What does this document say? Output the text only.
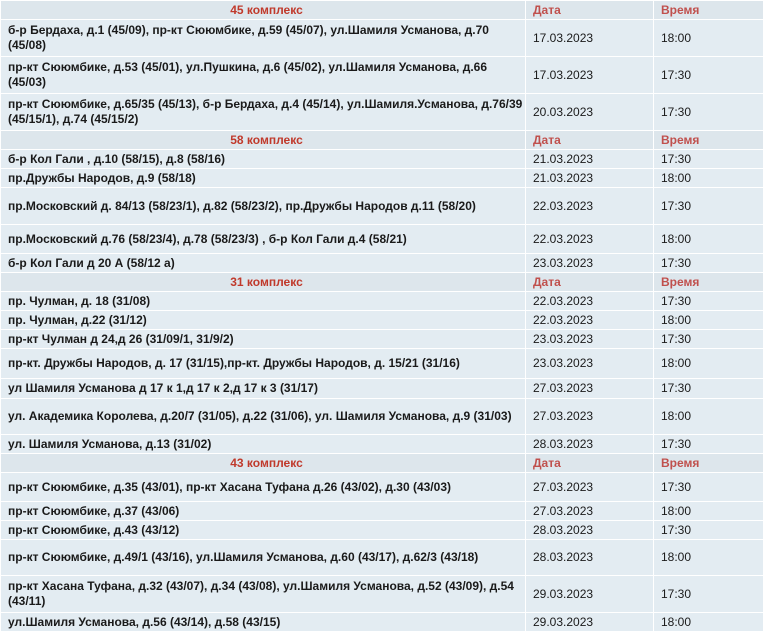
45 комплекс	Дата	Время
б-р Бердаха, д.1 (45/09), пр-кт Сююмбике, д.59 (45/07), ул.Шамиля Усманова, д.70 (45/08)	17.03.2023	18:00
пр-кт Сююмбике, д.53 (45/01), ул.Пушкина, д.6 (45/02), ул.Шамиля Усманова, д.66 (45/03)	17.03.2023	17:30
пр-кт Сююмбике, д.65/35 (45/13), б-р Бердаха, д.4 (45/14), ул.Шамиля.Усманова, д.76/39 (45/15/1), д.74 (45/15/2)	20.03.2023	17:30
58 комплекс	Дата	Время
б-р Кол Гали , д.10 (58/15), д.8 (58/16)	21.03.2023	17:30
пр.Дружбы Народов, д.9 (58/18)	21.03.2023	18:00
пр.Московский д. 84/13 (58/23/1), д.82 (58/23/2), пр.Дружбы Народов д.11 (58/20)	22.03.2023	17:30
пр.Московский д.76 (58/23/4), д.78 (58/23/3) , б-р Кол Гали д.4 (58/21)	22.03.2023	18:00
б-р Кол Гали д 20 А (58/12 а)	23.03.2023	17:30
31 комплекс	Дата	Время
пр. Чулман, д. 18 (31/08)	22.03.2023	17:30
пр. Чулман, д.22 (31/12)	22.03.2023	18:00
пр-кт Чулман д 24,д 26 (31/09/1, 31/9/2)	23.03.2023	17:30
пр-кт. Дружбы Народов, д. 17 (31/15),пр-кт. Дружбы Народов, д. 15/21 (31/16)	23.03.2023	18:00
ул Шамиля Усманова д 17 к 1,д 17 к 2,д 17 к 3 (31/17)	27.03.2023	17:30
ул. Академика Королева, д.20/7 (31/05), д.22 (31/06), ул. Шамиля Усманова, д.9 (31/03)	27.03.2023	18:00
ул. Шамиля Усманова, д.13 (31/02)	28.03.2023	17:30
43 комплекс	Дата	Время
пр-кт Сююмбике, д.35 (43/01), пр-кт Хасана Туфана д.26 (43/02), д.30 (43/03)	27.03.2023	17:30
пр-кт Сююмбике, д.37 (43/06)	27.03.2023	18:00
пр-кт Сююмбике, д.43 (43/12)	28.03.2023	17:30
пр-кт Сююмбике, д.49/1 (43/16), ул.Шамиля Усманова, д.60 (43/17), д.62/3 (43/18)	28.03.2023	18:00
пр-кт Хасана Туфана, д.32 (43/07), д.34 (43/08), ул.Шамиля Усманова, д.52 (43/09), д.54 (43/11)	29.03.2023	17:30
ул.Шамиля Усманова, д.56 (43/14), д.58 (43/15)	29.03.2023	18:00
